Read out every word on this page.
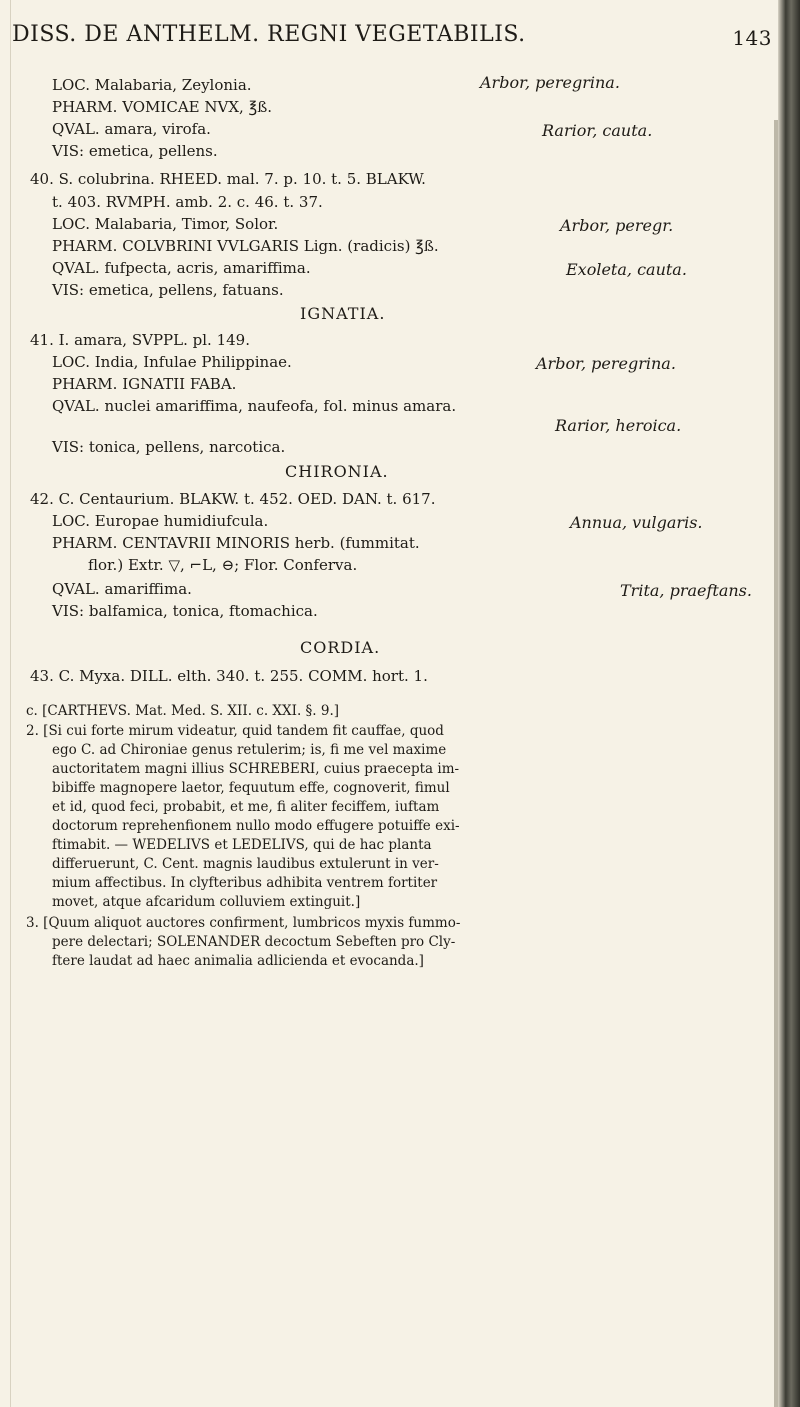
DISS. DE ANTHELM. REGNI VEGETABILIS.	143
LOC. Malabaria, Zeylonia.	Arbor, peregrina.
PHARM. VOMICAE NVX, ℥ß.
QVAL. amara, virofa.	Rarior, cauta.
VIS: emetica, pellens.
40. S. colubrina. RHEED. mal. 7. p. 10. t. 5. BLAKW.
t. 403. RVMPH. amb. 2. c. 46. t. 37.
LOC. Malabaria, Timor, Solor.	Arbor, peregr.
PHARM. COLVBRINI VVLGARIS Lign. (radicis) ℥ß.
QVAL. fufpecta, acris, amariffima.	Exoleta, cauta.
VIS: emetica, pellens, fatuans.
IGNATIA.
41. I. amara, SVPPL. pl. 149.
LOC. India, Infulae Philippinae.	Arbor, peregrina.
PHARM. IGNATII FABA.
QVAL. nuclei amariffima, naufeofa, fol. minus amara.
Rarior, heroica.
VIS: tonica, pellens, narcotica.
CHIRONIA.
42. C. Centaurium. BLAKW. t. 452. OED. DAN. t. 617.
LOC. Europae humidiufcula.	Annua, vulgaris.
PHARM. CENTAVRII MINORIS herb. (fummitat.
flor.) Extr. ▽, ⌐L, ⊖; Flor. Conferva.
QVAL. amariffima.	Trita, praeftans.
VIS: balfamica, tonica, ftomachica.
CORDIA.
43. C. Myxa. DILL. elth. 340. t. 255. COMM. hort. 1.
c. [CARTHEVS. Mat. Med. S. XII. c. XXI. §. 9.]
2. [Si cui forte mirum videatur, quid tandem fit cauffae, quod
ego C. ad Chironiae genus retulerim; is, fi me vel maxime
auctoritatem magni illius SCHREBERI, cuius praecepta im-
bibiffe magnopere laetor, fequutum effe, cognoverit, fimul
et id, quod feci, probabit, et me, fi aliter feciffem, iuftam
doctorum reprehenfionem nullo modo effugere potuiffe exi-
ftimabit. — WEDELIVS et LEDELIVS, qui de hac planta
differuerunt, C. Cent. magnis laudibus extulerunt in ver-
mium affectibus. In clyfteribus adhibita ventrem fortiter
movet, atque afcaridum colluviem extinguit.]
3. [Quum aliquot auctores confirment, lumbricos myxis fummo-
pere delectari; SOLENANDER decoctum Sebeften pro Cly-
ftere laudat ad haec animalia adlicienda et evocanda.]
